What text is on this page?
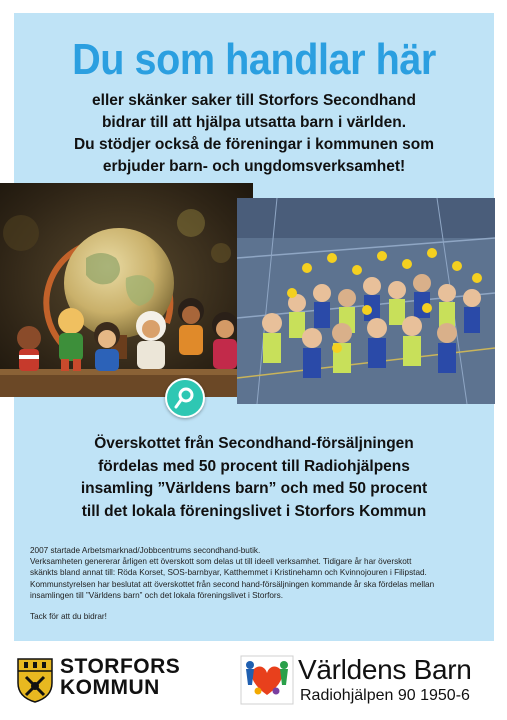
Du som handlar här
eller skänker saker till Storfors Secondhand
bidrar till att hjälpa utsatta barn i världen.
Du stödjer också de föreningar i kommunen som
erbjuder barn- och ungdomsverksamhet!
Överskottet från Secondhand-försäljningen
fördelas med 50 procent till Radiohjälpens
insamling ”Världens barn” och med 50 procent
till det lokala föreningslivet i Storfors Kommun
2007 startade Arbetsmarknad/Jobbcentrums secondhand-butik.
Verksamheten genererar årligen ett överskott som delas ut till ideell verksamhet. Tidigare år har överskott
skänkts bland annat till: Röda Korset, SOS-barnbyar, Katthemmet i Kristinehamn och Kvinnojouren i Filipstad.
Kommunstyrelsen har beslutat att överskottet från second hand-försäljningen kommande år ska fördelas mellan
insamlingen till ”Världens barn” och det lokala föreningslivet i Storfors.
Tack för att du bidrar!
STORFORS
KOMMUN
Världens Barn
Radiohjälpen 90 1950-6
